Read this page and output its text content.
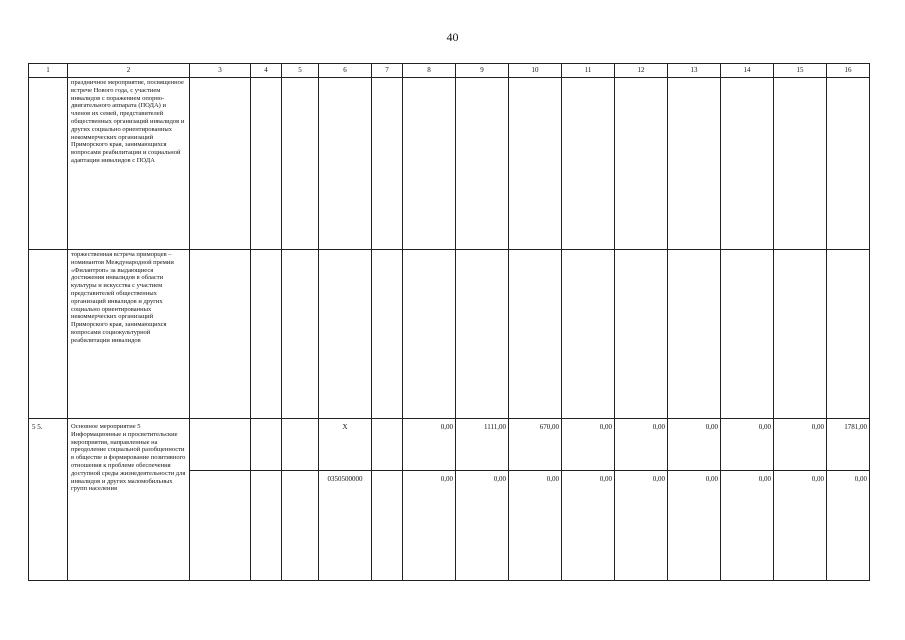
40
1	2	3	4	5	6	7	8	9	10	11	12	13	14	15	16
	праздничное мероприятие, посвященное встрече Нового года, с участием инвалидов с поражением опорно-двигательного аппарата (ПОДА) и членов их семей, представителей общественных организаций инвалидов и других социально ориентированных некоммерческих организаций Приморского края, занимающихся вопросами реабилитации и социальной адаптации инвалидов с ПОДА														
	торжественная встреча приморцев – номинантов Международной премии «Филантроп» за выдающиеся достижения инвалидов в области культуры и искусства с участием представителей общественных организаций инвалидов и других социально ориентированных некоммерческих организаций Приморского края, занимающихся вопросами социокультурной реабилитации инвалидов														
5 5.	Основное мероприятие 5 Информационные и просветительские мероприятия, направленные на преодоление социальной разобщенности в обществе и формирование позитивного отношения к проблеме обеспечения доступной среды жизнедеятельности для инвалидов и других маломобильных групп населения				X		0,00	1111,00	670,00	0,00	0,00	0,00	0,00	0,00	1781,00
					0350500000		0,00	0,00	0,00	0,00	0,00	0,00	0,00	0,00	0,00
